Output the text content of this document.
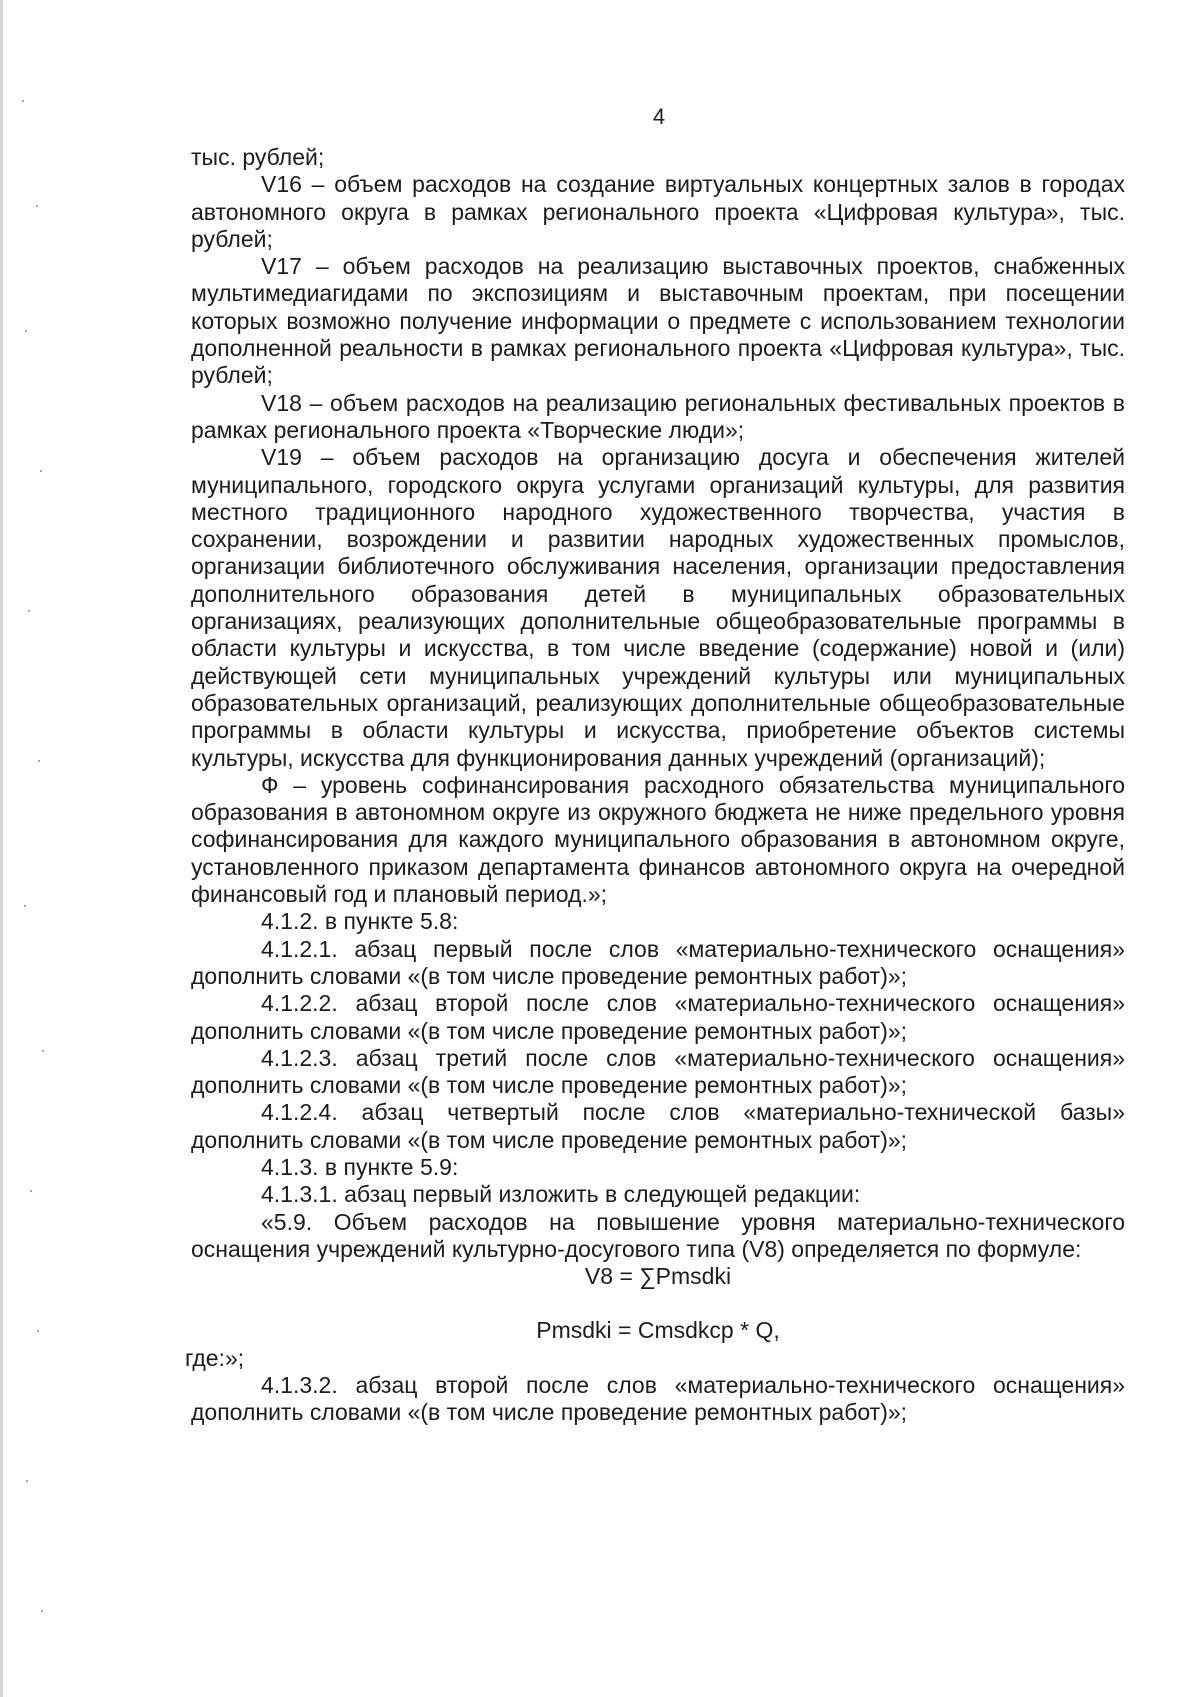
4

тыс. рублей;

V16 – объем расходов на создание виртуальных концертных залов в городах автономного округа в рамках регионального проекта «Цифровая культура», тыс. рублей;

V17 – объем расходов на реализацию выставочных проектов, снабженных мультимедиагидами по экспозициям и выставочным проектам, при посещении которых возможно получение информации о предмете с использованием технологии дополненной реальности в рамках регионального проекта «Цифровая культура», тыс. рублей;

V18 – объем расходов на реализацию региональных фестивальных проектов в рамках регионального проекта «Творческие люди»;

V19 – объем расходов на организацию досуга и обеспечения жителей муниципального, городского округа услугами организаций культуры, для развития местного традиционного народного художественного творчества, участия в сохранении, возрождении и развитии народных художественных промыслов, организации библиотечного обслуживания населения, организации предоставления дополнительного образования детей в муниципальных образовательных организациях, реализующих дополнительные общеобразовательные программы в области культуры и искусства, в том числе введение (содержание) новой и (или) действующей сети муниципальных учреждений культуры или муниципальных образовательных организаций, реализующих дополнительные общеобразовательные программы в области культуры и искусства, приобретение объектов системы культуры, искусства для функционирования данных учреждений (организаций);

Ф – уровень софинансирования расходного обязательства муниципального образования в автономном округе из окружного бюджета не ниже предельного уровня софинансирования для каждого муниципального образования в автономном округе, установленного приказом департамента финансов автономного округа на очередной финансовый год и плановый период.»;

4.1.2. в пункте 5.8:

4.1.2.1. абзац первый после слов «материально-технического оснащения» дополнить словами «(в том числе проведение ремонтных работ)»;

4.1.2.2. абзац второй после слов «материально-технического оснащения» дополнить словами «(в том числе проведение ремонтных работ)»;

4.1.2.3. абзац третий после слов «материально-технического оснащения» дополнить словами «(в том числе проведение ремонтных работ)»;

4.1.2.4. абзац четвертый после слов «материально-технической базы» дополнить словами «(в том числе проведение ремонтных работ)»;

4.1.3. в пункте 5.9:

4.1.3.1. абзац первый изложить в следующей редакции:

«5.9. Объем расходов на повышение уровня материально-технического оснащения учреждений культурно-досугового типа (V8) определяется по формуле:

V8 = ∑Pmsdki

Pmsdki = Cmsdkcp * Q,

где:»;

4.1.3.2. абзац второй после слов «материально-технического оснащения» дополнить словами «(в том числе проведение ремонтных работ)»;
